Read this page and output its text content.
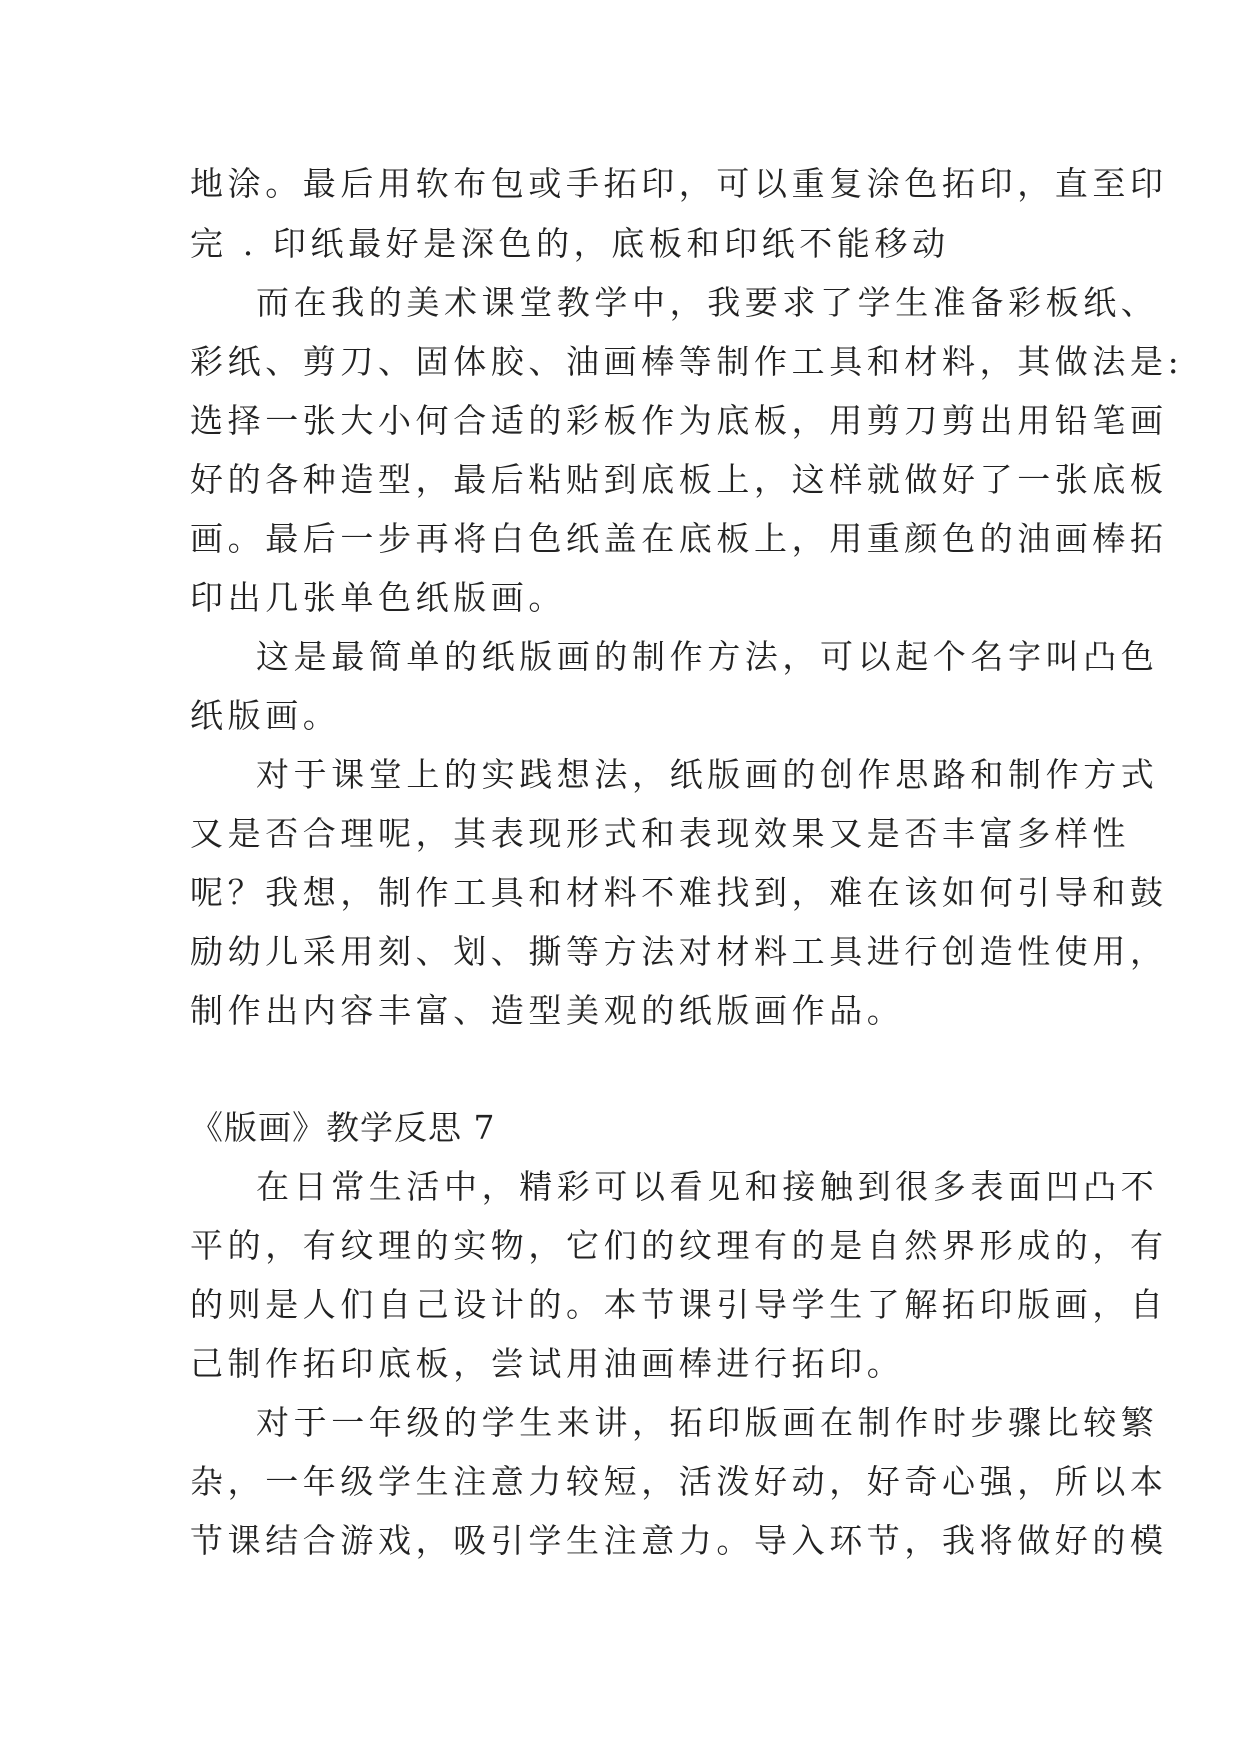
地涂。最后用软布包或手拓印，可以重复涂色拓印，直至印
完 . 印纸最好是深色的，底板和印纸不能移动
而在我的美术课堂教学中，我要求了学生准备彩板纸、
彩纸、剪刀、固体胶、油画棒等制作工具和材料，其做法是:
选择一张大小何合适的彩板作为底板，用剪刀剪出用铅笔画
好的各种造型，最后粘贴到底板上，这样就做好了一张底板
画。最后一步再将白色纸盖在底板上，用重颜色的油画棒拓
印出几张单色纸版画。
这是最简单的纸版画的制作方法，可以起个名字叫凸色
纸版画。
对于课堂上的实践想法，纸版画的创作思路和制作方式
又是否合理呢，其表现形式和表现效果又是否丰富多样性
呢？我想，制作工具和材料不难找到，难在该如何引导和鼓
励幼儿采用刻、划、撕等方法对材料工具进行创造性使用，
制作出内容丰富、造型美观的纸版画作品。
《版画》教学反思 7
在日常生活中，精彩可以看见和接触到很多表面凹凸不
平的，有纹理的实物，它们的纹理有的是自然界形成的，有
的则是人们自己设计的。本节课引导学生了解拓印版画，自
己制作拓印底板，尝试用油画棒进行拓印。
对于一年级的学生来讲，拓印版画在制作时步骤比较繁
杂，一年级学生注意力较短，活泼好动，好奇心强，所以本
节课结合游戏，吸引学生注意力。导入环节，我将做好的模
